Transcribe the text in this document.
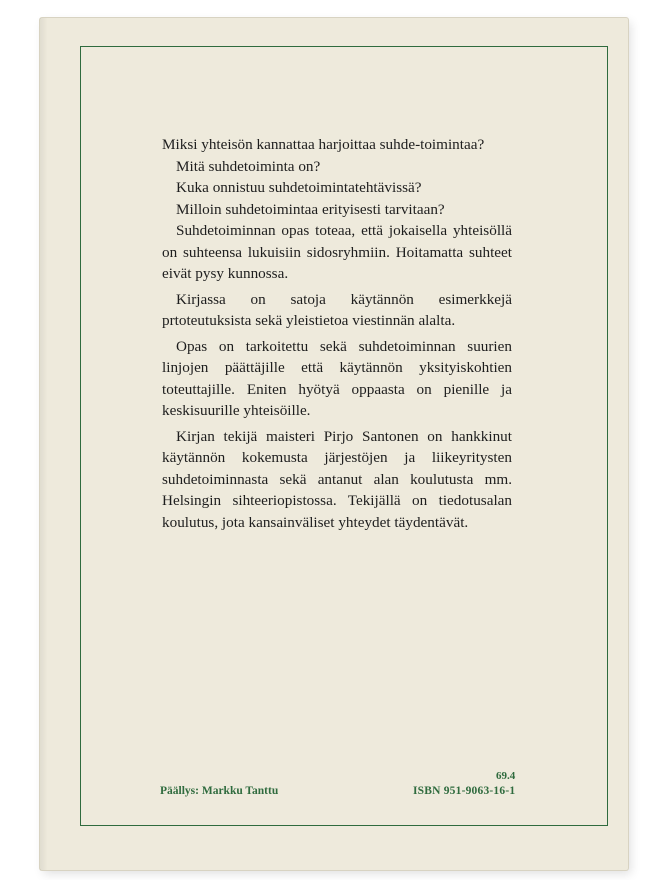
Miksi yhteisön kannattaa harjoittaa suhde-toimintaa?

Mitä suhdetoiminta on?

Kuka onnistuu suhdetoimintatehtävissä?

Milloin suhdetoimintaa erityisesti tarvitaan?

Suhdetoiminnan opas toteaa, että jokaisella yhteisöllä on suhteensa lukuisiin sidosryhmiin. Hoitamatta suhteet eivät pysy kunnossa.

Kirjassa on satoja käytännön esimerkkejä prtoteutuksista sekä yleistietoa viestinnän alalta.

Opas on tarkoitettu sekä suhdetoiminnan suurien linjojen päättäjille että käytännön yksityiskohtien toteuttajille. Eniten hyötyä oppaasta on pienille ja keskisuurille yhteisöille.

Kirjan tekijä maisteri Pirjo Santonen on hankkinut käytännön kokemusta järjestöjen ja liikeyritysten suhdetoiminnasta sekä antanut alan koulutusta mm. Helsingin sihteeriopistossa. Tekijällä on tiedotusalan koulutus, jota kansainväliset yhteydet täydentävät.

69.4
Päällys: Markku Tanttu	ISBN 951-9063-16-1
